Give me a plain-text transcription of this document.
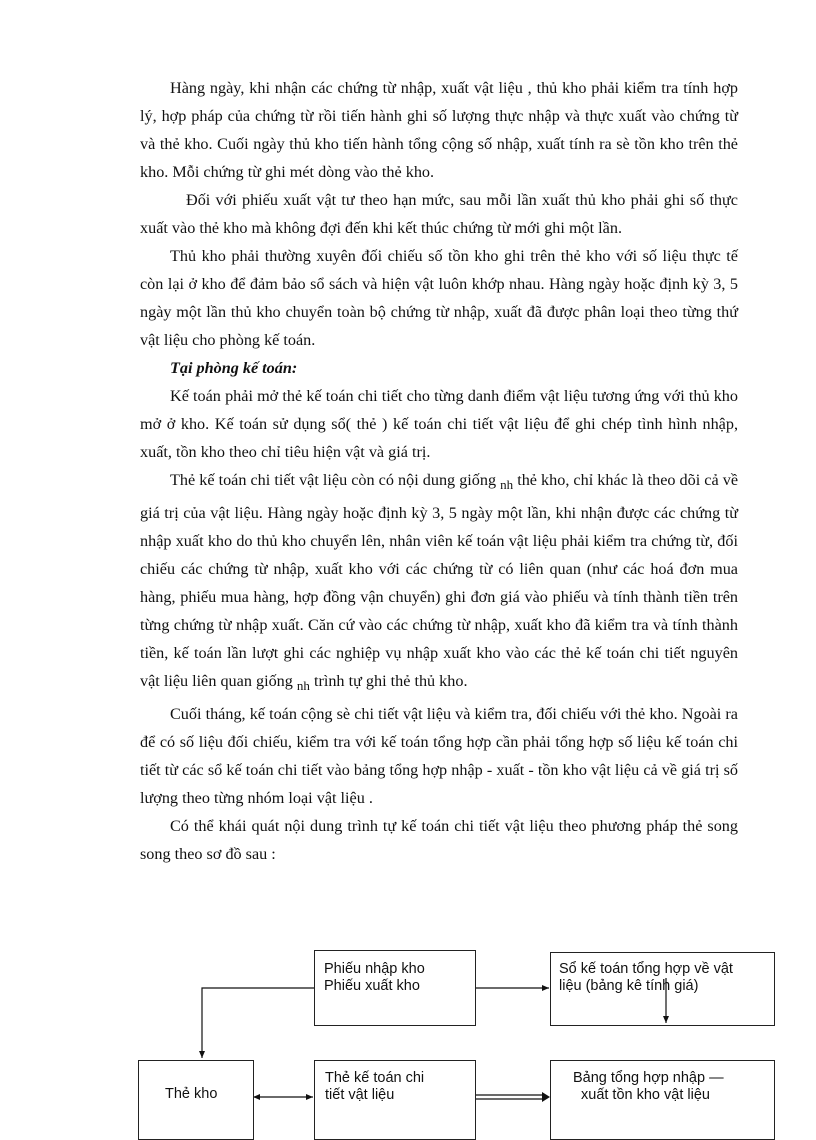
Hàng ngày, khi nhận các chứng từ nhập, xuất vật liệu , thủ kho phải kiểm tra tính hợp lý, hợp pháp của chứng từ rồi tiến hành ghi số lượng thực nhập và thực xuất vào chứng từ và thẻ kho. Cuối ngày thủ kho tiến hành tổng cộng số nhập, xuất tính ra sè tồn kho trên thẻ kho. Mỗi chứng từ ghi mét dòng vào thẻ kho.

Đối với phiếu xuất vật tư theo hạn mức, sau mỗi lần xuất thủ kho phải ghi số thực xuất vào thẻ kho mà không đợi đến khi kết thúc chứng từ mới ghi một lần.

Thủ kho phải thường xuyên đối chiếu số tồn kho ghi trên thẻ kho với số liệu thực tế còn lại ở kho để đảm bảo sổ sách và hiện vật luôn khớp nhau. Hàng ngày hoặc định kỳ 3, 5 ngày một lần thủ kho chuyển toàn bộ chứng từ nhập, xuất đã được phân loại theo từng thứ vật liệu cho phòng kế toán.

Tại phòng kế toán:

Kế toán phải mở thẻ kế toán chi tiết cho từng danh điểm vật liệu tương ứng với thủ kho mở ở kho. Kế toán sử dụng sổ( thẻ ) kế toán chi tiết vật liệu để ghi chép tình hình nhập, xuất, tồn kho theo chỉ tiêu hiện vật và giá trị.

Thẻ kế toán chi tiết vật liệu còn có nội dung giống $_{nh}$ thẻ kho, chỉ khác là theo dõi cả về giá trị của vật liệu. Hàng ngày hoặc định kỳ 3, 5 ngày một lần, khi nhận được các chứng từ nhập xuất kho do thủ kho chuyển lên, nhân viên kế toán vật liệu phải kiểm tra chứng từ, đối chiếu các chứng từ nhập, xuất kho với các chứng từ có liên quan (như các hoá đơn mua hàng, phiếu mua hàng, hợp đồng vận chuyển) ghi đơn giá vào phiếu và tính thành tiền trên từng chứng từ nhập xuất. Căn cứ vào các chứng từ nhập, xuất kho đã kiểm tra và tính thành tiền, kế toán lần lượt ghi các nghiệp vụ nhập xuất kho vào các thẻ kế toán chi tiết nguyên vật liệu liên quan giống $_{nh}$ trình tự ghi thẻ thủ kho.

Cuối tháng, kế toán cộng sè chi tiết vật liệu và kiểm tra, đối chiếu với thẻ kho. Ngoài ra để có số liệu đối chiếu, kiểm tra với kế toán tổng hợp cần phải tổng hợp số liệu kế toán chi tiết từ các sổ kế toán chi tiết vào bảng tổng hợp nhập - xuất - tồn kho vật liệu cả về giá trị số lượng theo từng nhóm loại vật liệu .

Có thể khái quát nội dung trình tự kế toán chi tiết vật liệu theo phương pháp thẻ song song theo sơ đồ sau :

Phiếu nhập kho
Phiếu xuất kho
Sổ kế toán tổng hợp về vật
liệu (bảng kê tính giá)
Thẻ kho
Thẻ kế toán chi
tiết vật liệu
Bảng tổng hợp nhập —
xuất tồn kho vật liệu
